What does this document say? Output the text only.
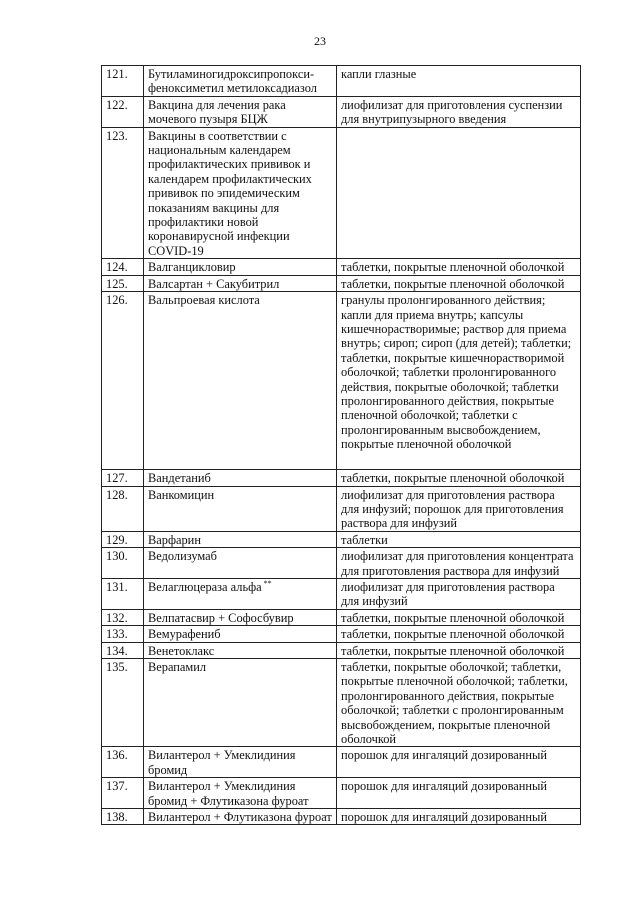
23
121.	Бутиламиногидроксипропокси-феноксиметил метилоксадиазол	капли глазные
122.	Вакцина для лечения рака мочевого пузыря БЦЖ	лиофилизат для приготовления суспензии для внутрипузырного введения
123.	Вакцины в соответствии с национальным календарем профилактических прививок и календарем профилактических прививок по эпидемическим показаниям вакцины для профилактики новой коронавирусной инфекции COVID-19	
124.	Валганцикловир	таблетки, покрытые пленочной оболочкой
125.	Валсартан + Сакубитрил	таблетки, покрытые пленочной оболочкой
126.	Вальпроевая кислота	гранулы пролонгированного действия; капли для приема внутрь; капсулы кишечнорастворимые; раствор для приема внутрь; сироп; сироп (для детей); таблетки; таблетки, покрытые кишечнорастворимой оболочкой; таблетки пролонгированного действия, покрытые оболочкой; таблетки пролонгированного действия, покрытые пленочной оболочкой; таблетки с пролонгированным высвобождением, покрытые пленочной оболочкой
127.	Вандетаниб	таблетки, покрытые пленочной оболочкой
128.	Ванкомицин	лиофилизат для приготовления раствора для инфузий; порошок для приготовления раствора для инфузий
129.	Варфарин	таблетки
130.	Ведолизумаб	лиофилизат для приготовления концентрата для приготовления раствора для инфузий
131.	Велаглюцераза альфа **	лиофилизат для приготовления раствора для инфузий
132.	Велпатасвир + Софосбувир	таблетки, покрытые пленочной оболочкой
133.	Вемурафениб	таблетки, покрытые пленочной оболочкой
134.	Венетоклакс	таблетки, покрытые пленочной оболочкой
135.	Верапамил	таблетки, покрытые оболочкой; таблетки, покрытые пленочной оболочкой; таблетки, пролонгированного действия, покрытые оболочкой; таблетки с пролонгированным высвобождением, покрытые пленочной оболочкой
136.	Вилантерол + Умеклидиния бромид	порошок для ингаляций дозированный
137.	Вилантерол + Умеклидиния бромид + Флутиказона фуроат	порошок для ингаляций дозированный
138.	Вилантерол + Флутиказона фуроат	порошок для ингаляций дозированный
